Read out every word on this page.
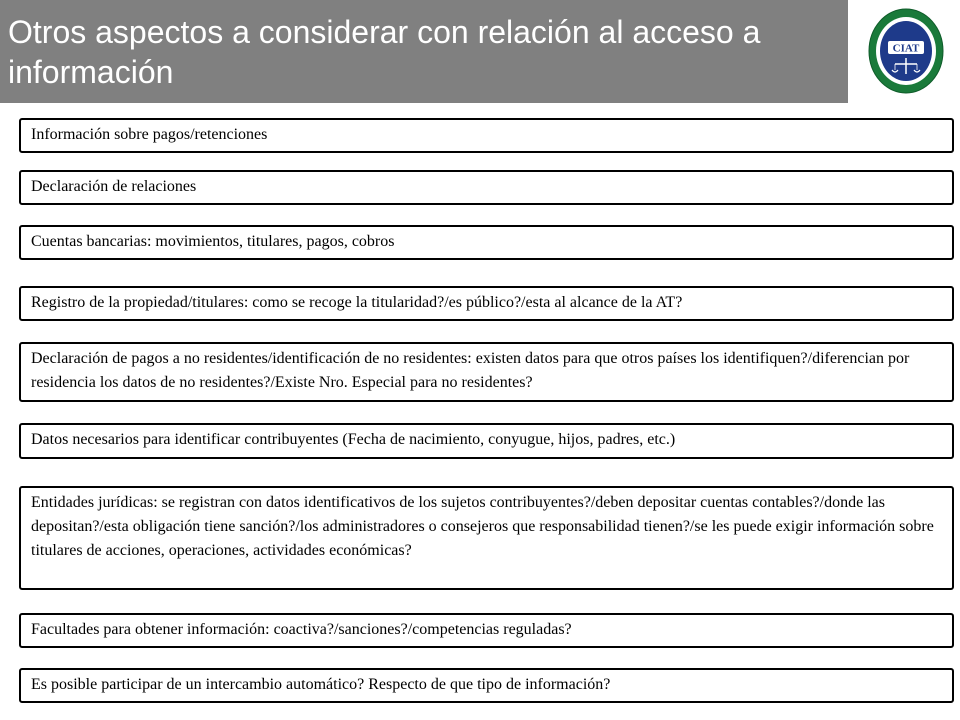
Otros aspectos a considerar con relación al acceso a información
CIAT
Información sobre pagos/retenciones
Declaración de relaciones
Cuentas bancarias: movimientos, titulares, pagos, cobros
Registro de la propiedad/titulares: como se recoge la titularidad?/es público?/esta al alcance de la AT?
Declaración de pagos a no residentes/identificación de no residentes: existen datos para que otros países los identifiquen?/diferencian por residencia los datos de no residentes?/Existe Nro. Especial para no residentes?
Datos necesarios para identificar contribuyentes (Fecha de nacimiento, conyugue, hijos, padres, etc.)
Entidades jurídicas: se registran con datos identificativos de los sujetos contribuyentes?/deben depositar cuentas contables?/donde las depositan?/esta obligación tiene sanción?/los administradores o consejeros que responsabilidad tienen?/se les puede exigir información sobre titulares de acciones, operaciones, actividades económicas?
Facultades para obtener información: coactiva?/sanciones?/competencias reguladas?
Es posible participar de un intercambio automático? Respecto de que tipo de información?
